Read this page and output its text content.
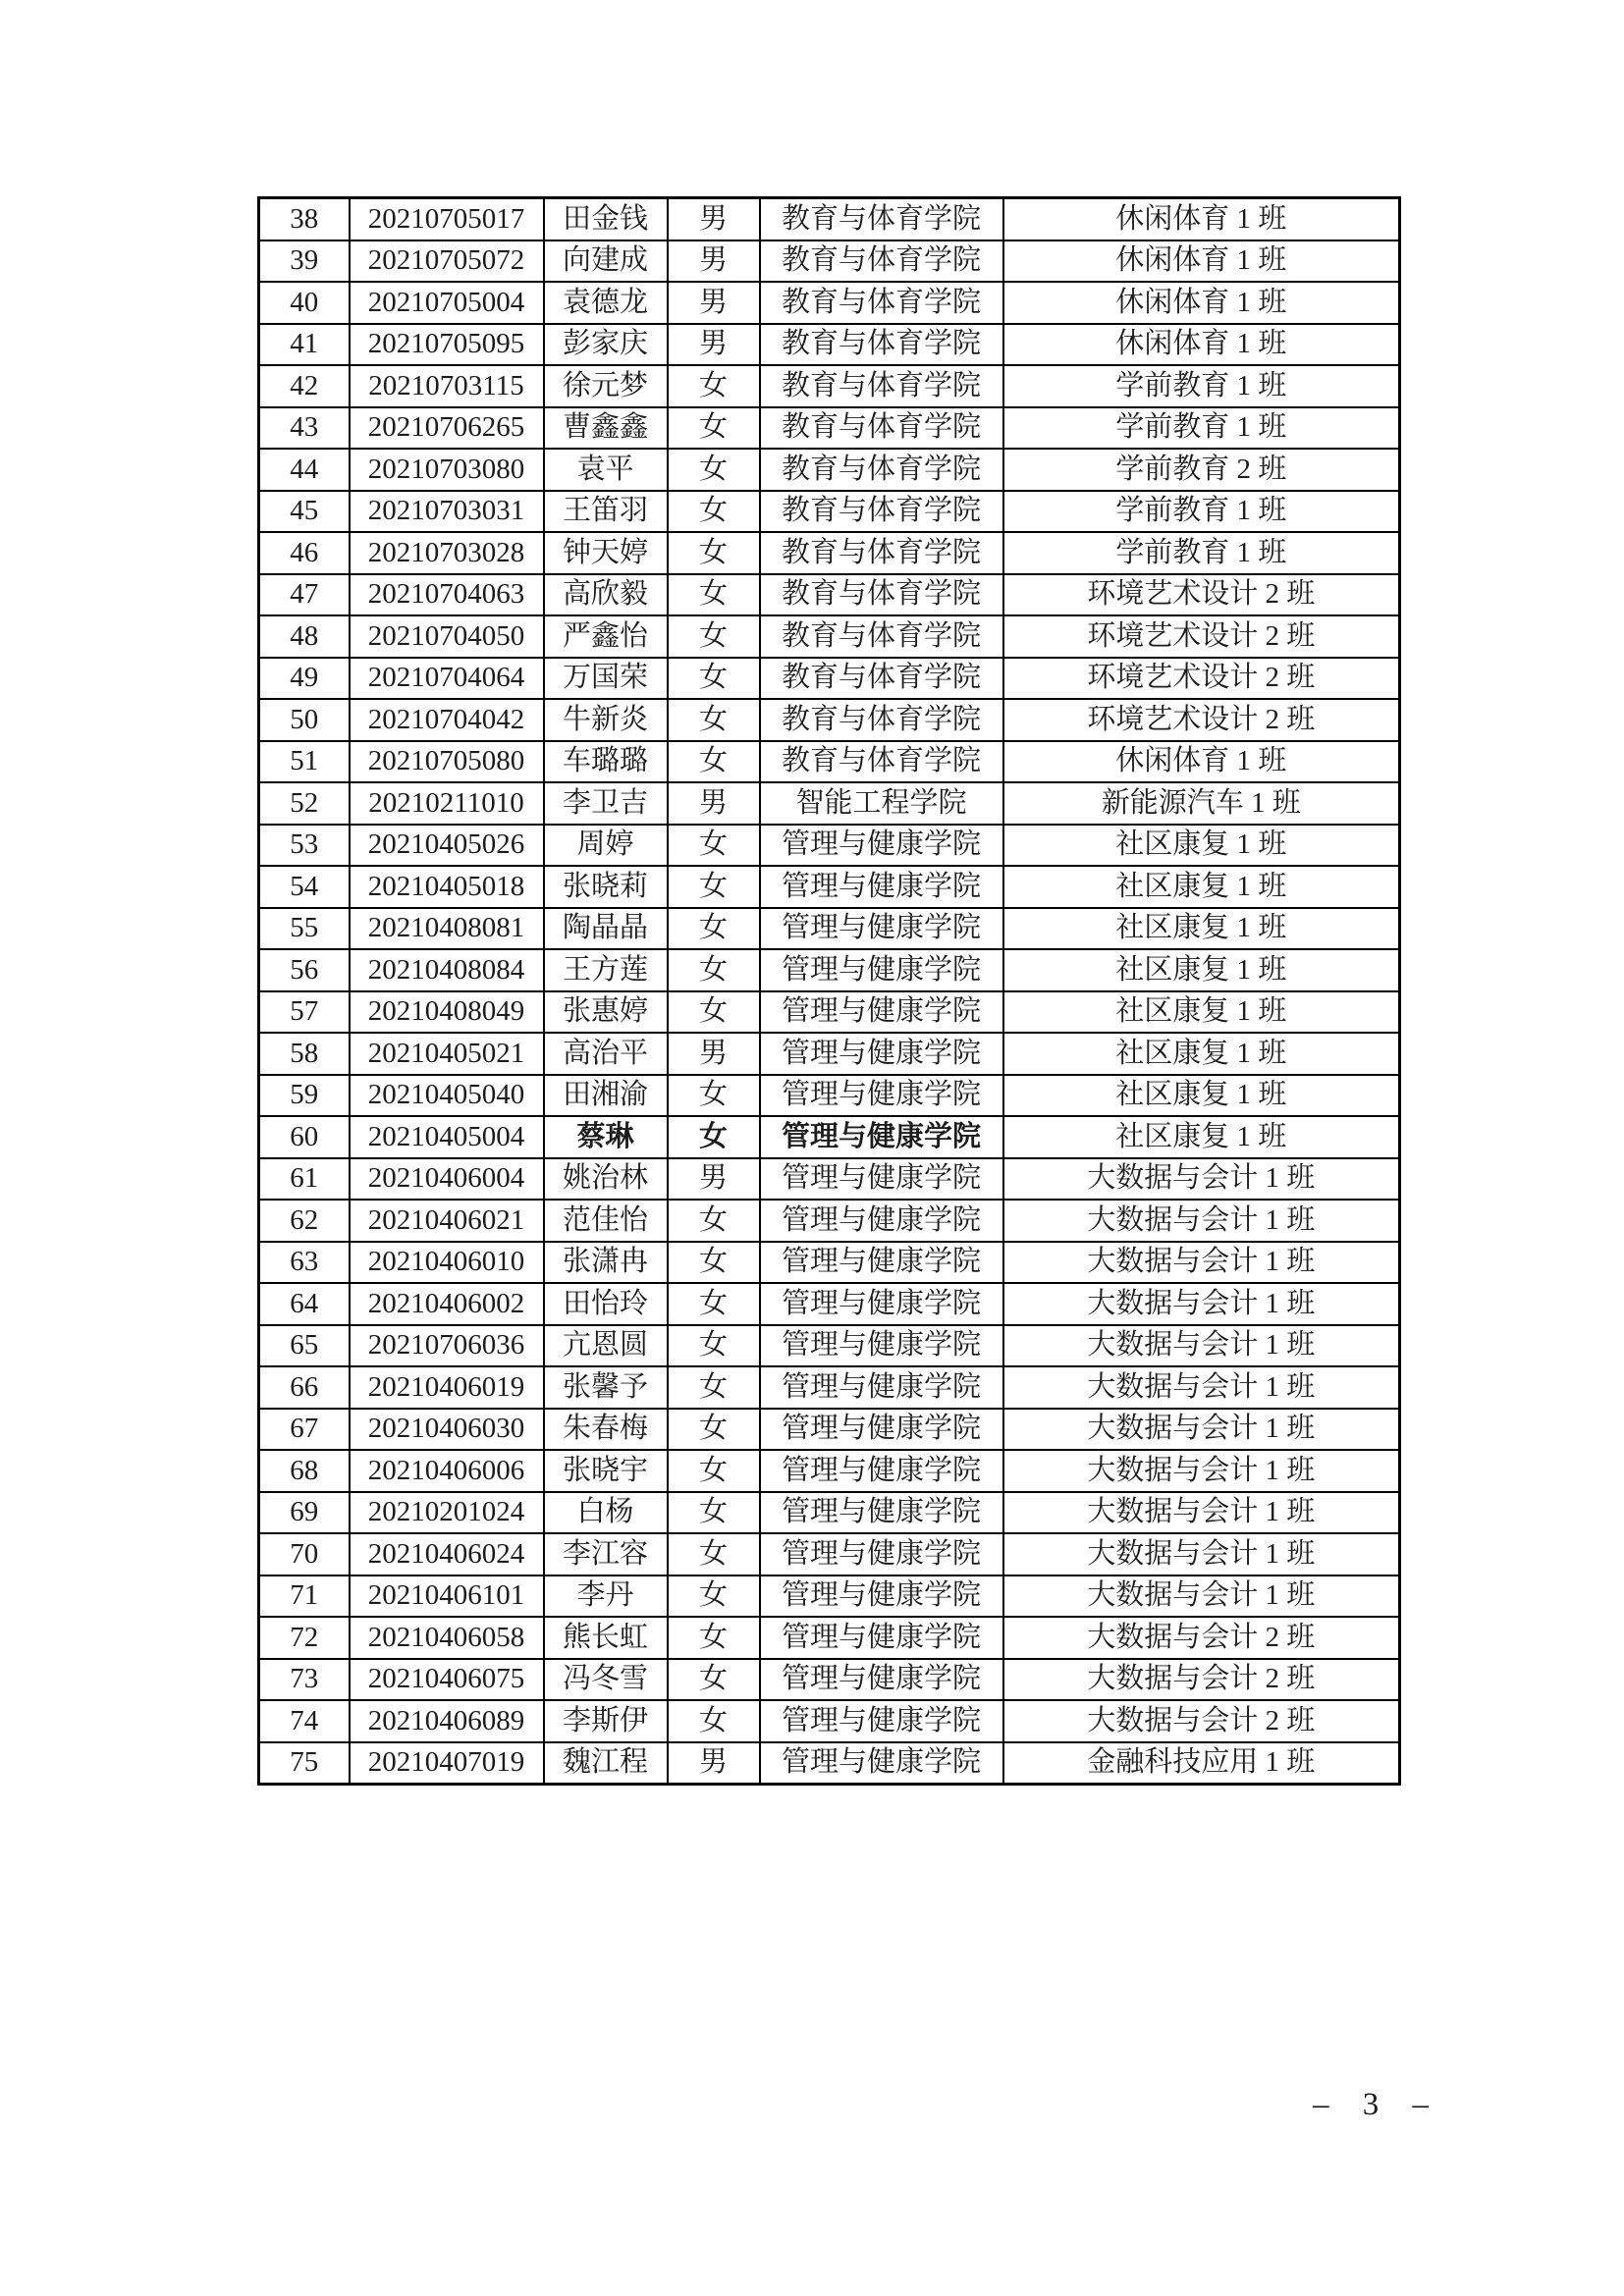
38	20210705017	田金钱	男	教育与体育学院	休闲体育 1 班
39	20210705072	向建成	男	教育与体育学院	休闲体育 1 班
40	20210705004	袁德龙	男	教育与体育学院	休闲体育 1 班
41	20210705095	彭家庆	男	教育与体育学院	休闲体育 1 班
42	20210703115	徐元梦	女	教育与体育学院	学前教育 1 班
43	20210706265	曹鑫鑫	女	教育与体育学院	学前教育 1 班
44	20210703080	袁平	女	教育与体育学院	学前教育 2 班
45	20210703031	王笛羽	女	教育与体育学院	学前教育 1 班
46	20210703028	钟天婷	女	教育与体育学院	学前教育 1 班
47	20210704063	高欣毅	女	教育与体育学院	环境艺术设计 2 班
48	20210704050	严鑫怡	女	教育与体育学院	环境艺术设计 2 班
49	20210704064	万国荣	女	教育与体育学院	环境艺术设计 2 班
50	20210704042	牛新炎	女	教育与体育学院	环境艺术设计 2 班
51	20210705080	车璐璐	女	教育与体育学院	休闲体育 1 班
52	20210211010	李卫吉	男	智能工程学院	新能源汽车 1 班
53	20210405026	周婷	女	管理与健康学院	社区康复 1 班
54	20210405018	张晓莉	女	管理与健康学院	社区康复 1 班
55	20210408081	陶晶晶	女	管理与健康学院	社区康复 1 班
56	20210408084	王方莲	女	管理与健康学院	社区康复 1 班
57	20210408049	张惠婷	女	管理与健康学院	社区康复 1 班
58	20210405021	高治平	男	管理与健康学院	社区康复 1 班
59	20210405040	田湘渝	女	管理与健康学院	社区康复 1 班
60	20210405004	蔡琳	女	管理与健康学院	社区康复 1 班
61	20210406004	姚治林	男	管理与健康学院	大数据与会计 1 班
62	20210406021	范佳怡	女	管理与健康学院	大数据与会计 1 班
63	20210406010	张潇冉	女	管理与健康学院	大数据与会计 1 班
64	20210406002	田怡玲	女	管理与健康学院	大数据与会计 1 班
65	20210706036	亢恩圆	女	管理与健康学院	大数据与会计 1 班
66	20210406019	张馨予	女	管理与健康学院	大数据与会计 1 班
67	20210406030	朱春梅	女	管理与健康学院	大数据与会计 1 班
68	20210406006	张晓宇	女	管理与健康学院	大数据与会计 1 班
69	20210201024	白杨	女	管理与健康学院	大数据与会计 1 班
70	20210406024	李江容	女	管理与健康学院	大数据与会计 1 班
71	20210406101	李丹	女	管理与健康学院	大数据与会计 1 班
72	20210406058	熊长虹	女	管理与健康学院	大数据与会计 2 班
73	20210406075	冯冬雪	女	管理与健康学院	大数据与会计 2 班
74	20210406089	李斯伊	女	管理与健康学院	大数据与会计 2 班
75	20210407019	魏江程	男	管理与健康学院	金融科技应用 1 班
– 3 –
